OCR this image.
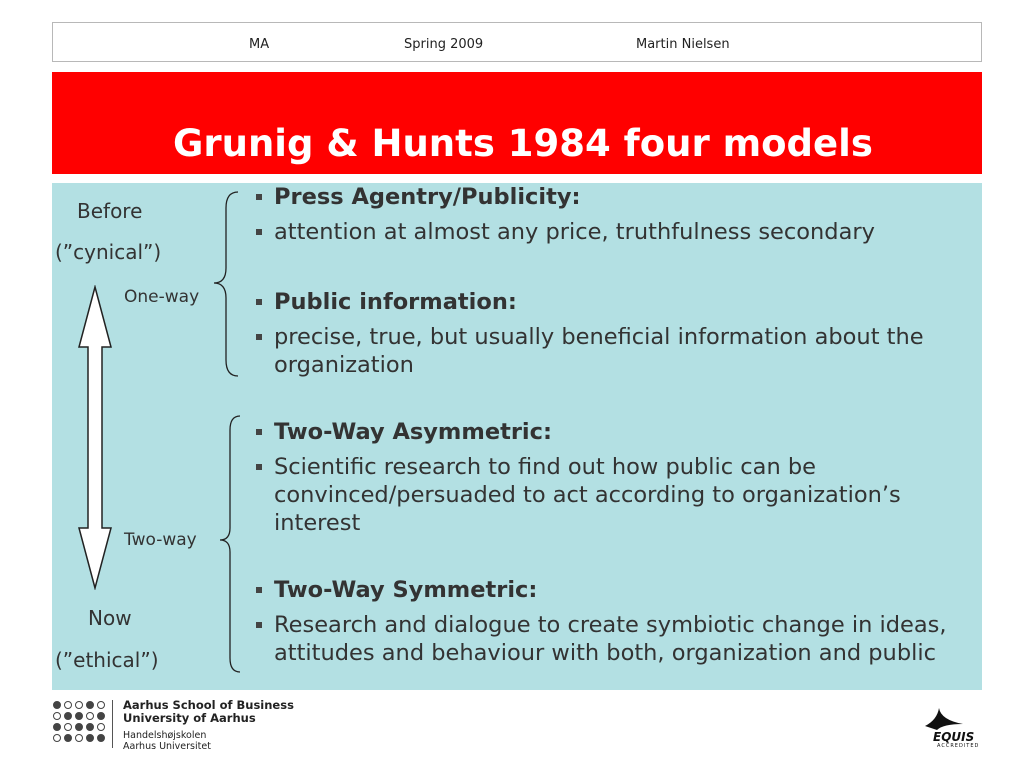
MA	Spring 2009	Martin Nielsen
Grunig & Hunts 1984 four models
Before
(”cynical”)
One-way
Two-way
Now
(”ethical”)
Press Agentry/Publicity:
attention at almost any price, truthfulness secondary
Public information:
precise, true, but usually beneficial information about the organization
Two-Way Asymmetric:
Scientific research to find out how public can be convinced/persuaded to act according to organization’s interest
Two-Way Symmetric:
Research and dialogue to create symbiotic change in ideas, attitudes and behaviour with both, organization and public
Aarhus School of Business
University of Aarhus
Handelshøjskolen
Aarhus Universitet
EQUIS
ACCREDITED
